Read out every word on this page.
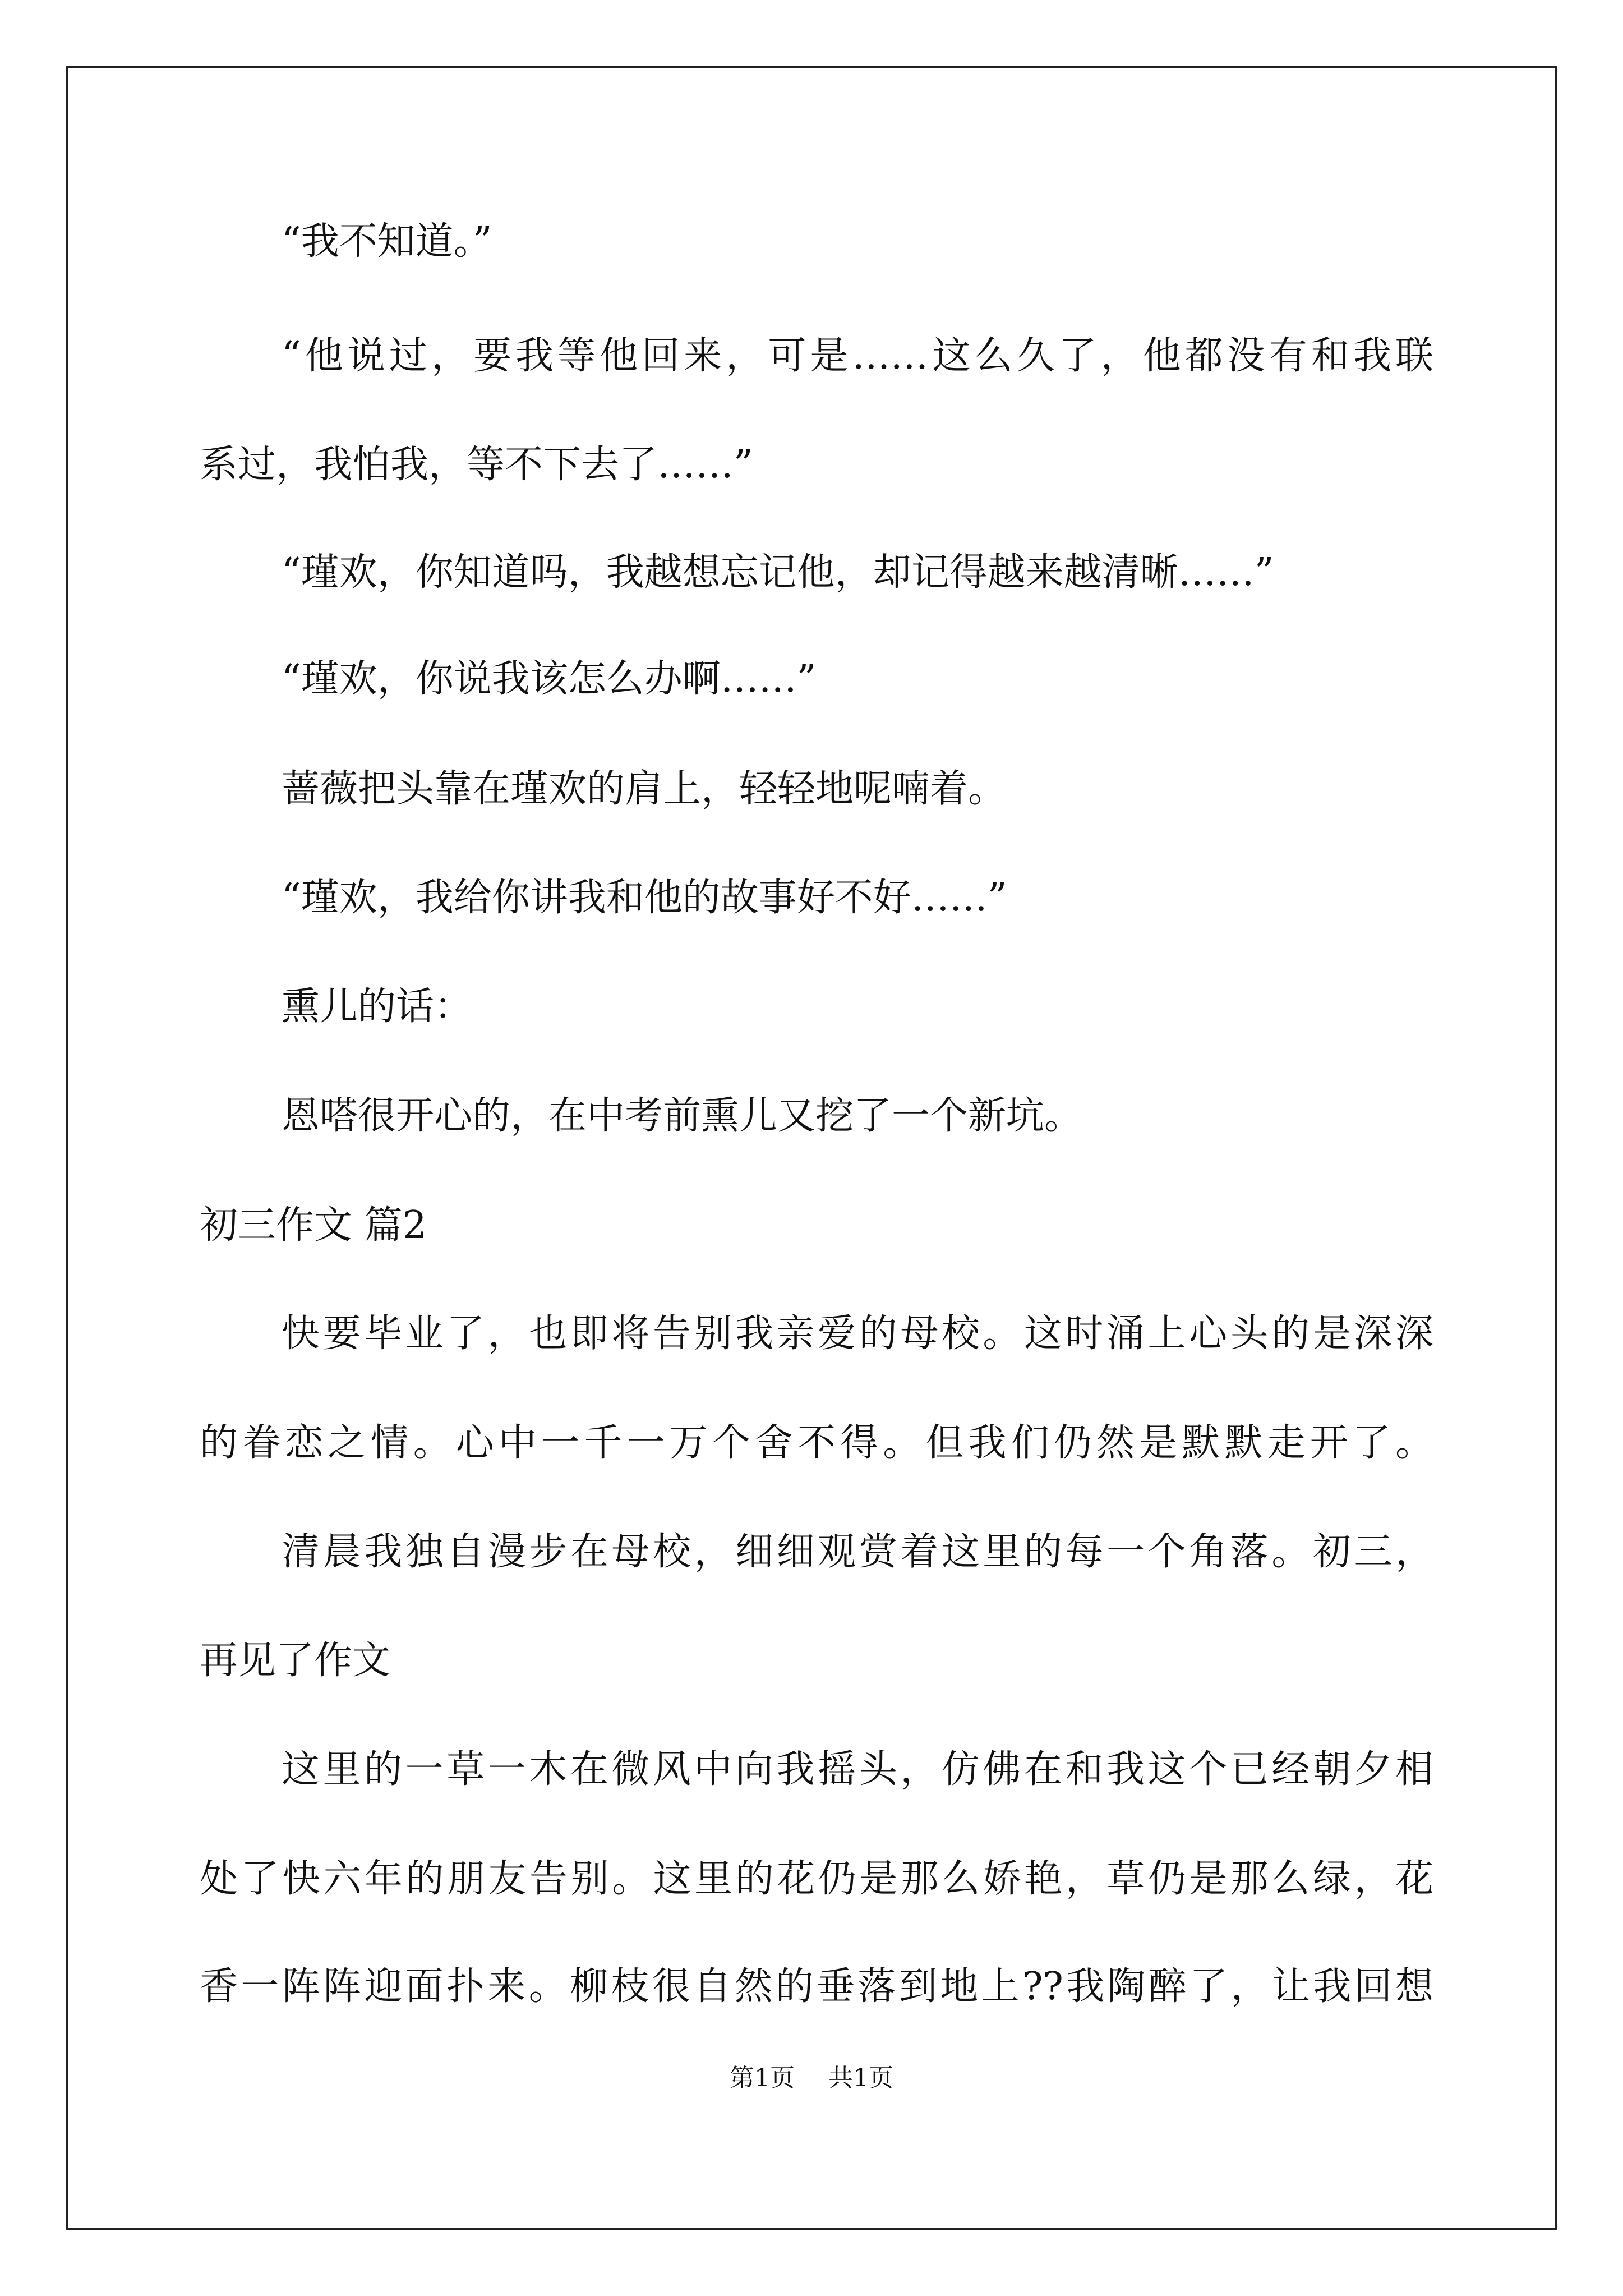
“我不知道。”
“他说过，要我等他回来，可是……这么久了，他都没有和我联
系过，我怕我，等不下去了……”
“瑾欢，你知道吗，我越想忘记他，却记得越来越清晰……”
“瑾欢，你说我该怎么办啊……”
蔷薇把头靠在瑾欢的肩上，轻轻地呢喃着。
“瑾欢，我给你讲我和他的故事好不好……”
熏儿的话：
恩嗒很开心的，在中考前熏儿又挖了一个新坑。
初三作文 篇2
快要毕业了，也即将告别我亲爱的母校。这时涌上心头的是深深
的眷恋之情。心中一千一万个舍不得。但我们仍然是默默走开了。
清晨我独自漫步在母校，细细观赏着这里的每一个角落。初三，
再见了作文
这里的一草一木在微风中向我摇头，仿佛在和我这个已经朝夕相
处了快六年的朋友告别。这里的花仍是那么娇艳，草仍是那么绿，花
香一阵阵迎面扑来。柳枝很自然的垂落到地上??我陶醉了，让我回想
第1页 共1页
